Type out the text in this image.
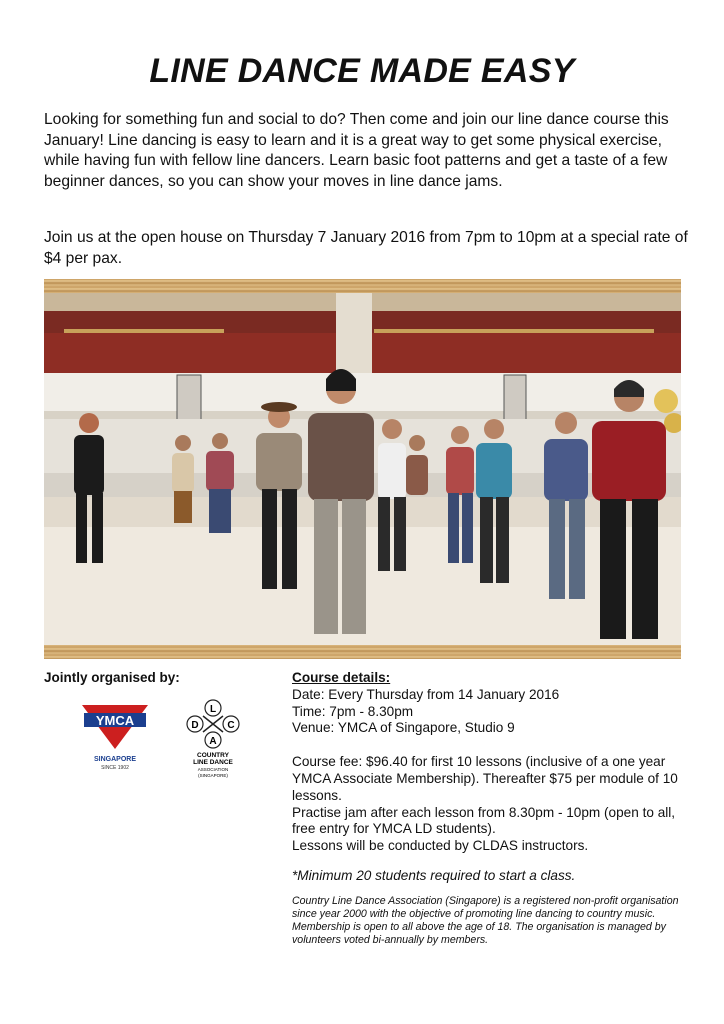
LINE DANCE MADE EASY

Looking for something fun and social to do? Then come and join our line dance course this January! Line dancing is easy to learn and it is a great way to get some physical exercise, while having fun with fellow line dancers. Learn basic foot patterns and get a taste of a few beginner dances, so you can show your moves in line dance jams.

Join us at the open house on Thursday 7 January 2016 from 7pm to 10pm at a special rate of $4 per pax.

Jointly organised by:

YMCA
SINGAPORE
SINCE 1902
L
D	C
A
COUNTRY
LINE DANCE
ASSOCIATION
(SINGAPORE)

Course details:

Date: Every Thursday from 14 January 2016

Time: 7pm - 8.30pm

Venue: YMCA of Singapore, Studio 9

Course fee: $96.40 for first 10 lessons (inclusive of a one year YMCA Associate Membership). Thereafter $75 per module of 10 lessons.

Practise jam after each lesson from 8.30pm - 10pm (open to all, free entry for YMCA LD students).

Lessons will be conducted by CLDAS instructors.

*Minimum 20 students required to start a class.

Country Line Dance Association (Singapore) is a registered non-profit organisation since year 2000 with the objective of promoting line dancing to country music. Membership is open to all above the age of 18. The organisation is managed by volunteers voted bi-annually by members.
